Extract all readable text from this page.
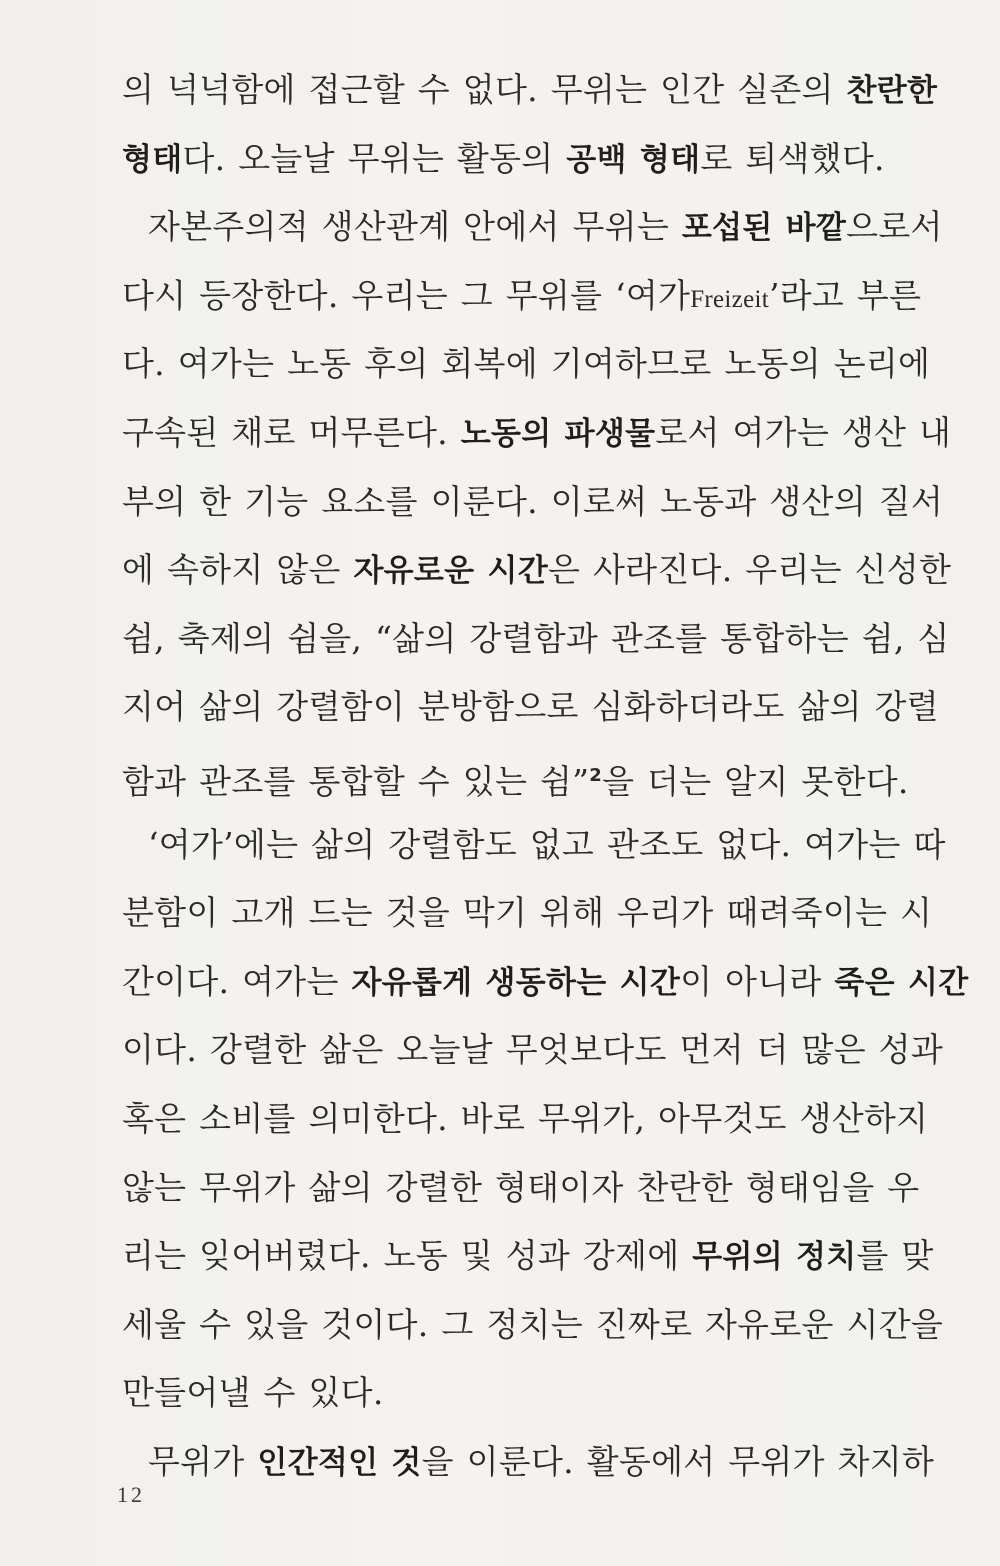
의 넉넉함에 접근할 수 없다. 무위는 인간 실존의 찬란한
형태다. 오늘날 무위는 활동의 공백 형태로 퇴색했다.

자본주의적 생산관계 안에서 무위는 포섭된 바깥으로서
다시 등장한다. 우리는 그 무위를 ‘여가Freizeit’라고 부른
다. 여가는 노동 후의 회복에 기여하므로 노동의 논리에
구속된 채로 머무른다. 노동의 파생물로서 여가는 생산 내
부의 한 기능 요소를 이룬다. 이로써 노동과 생산의 질서
에 속하지 않은 자유로운 시간은 사라진다. 우리는 신성한
쉼, 축제의 쉼을, “삶의 강렬함과 관조를 통합하는 쉼, 심
지어 삶의 강렬함이 분방함으로 심화하더라도 삶의 강렬
함과 관조를 통합할 수 있는 쉼”$^2$을 더는 알지 못한다.

‘여가’에는 삶의 강렬함도 없고 관조도 없다. 여가는 따
분함이 고개 드는 것을 막기 위해 우리가 때려죽이는 시
간이다. 여가는 자유롭게 생동하는 시간이 아니라 죽은 시간
이다. 강렬한 삶은 오늘날 무엇보다도 먼저 더 많은 성과
혹은 소비를 의미한다. 바로 무위가, 아무것도 생산하지
않는 무위가 삶의 강렬한 형태이자 찬란한 형태임을 우
리는 잊어버렸다. 노동 및 성과 강제에 무위의 정치를 맞
세울 수 있을 것이다. 그 정치는 진짜로 자유로운 시간을
만들어낼 수 있다.

무위가 인간적인 것을 이룬다. 활동에서 무위가 차지하

12
